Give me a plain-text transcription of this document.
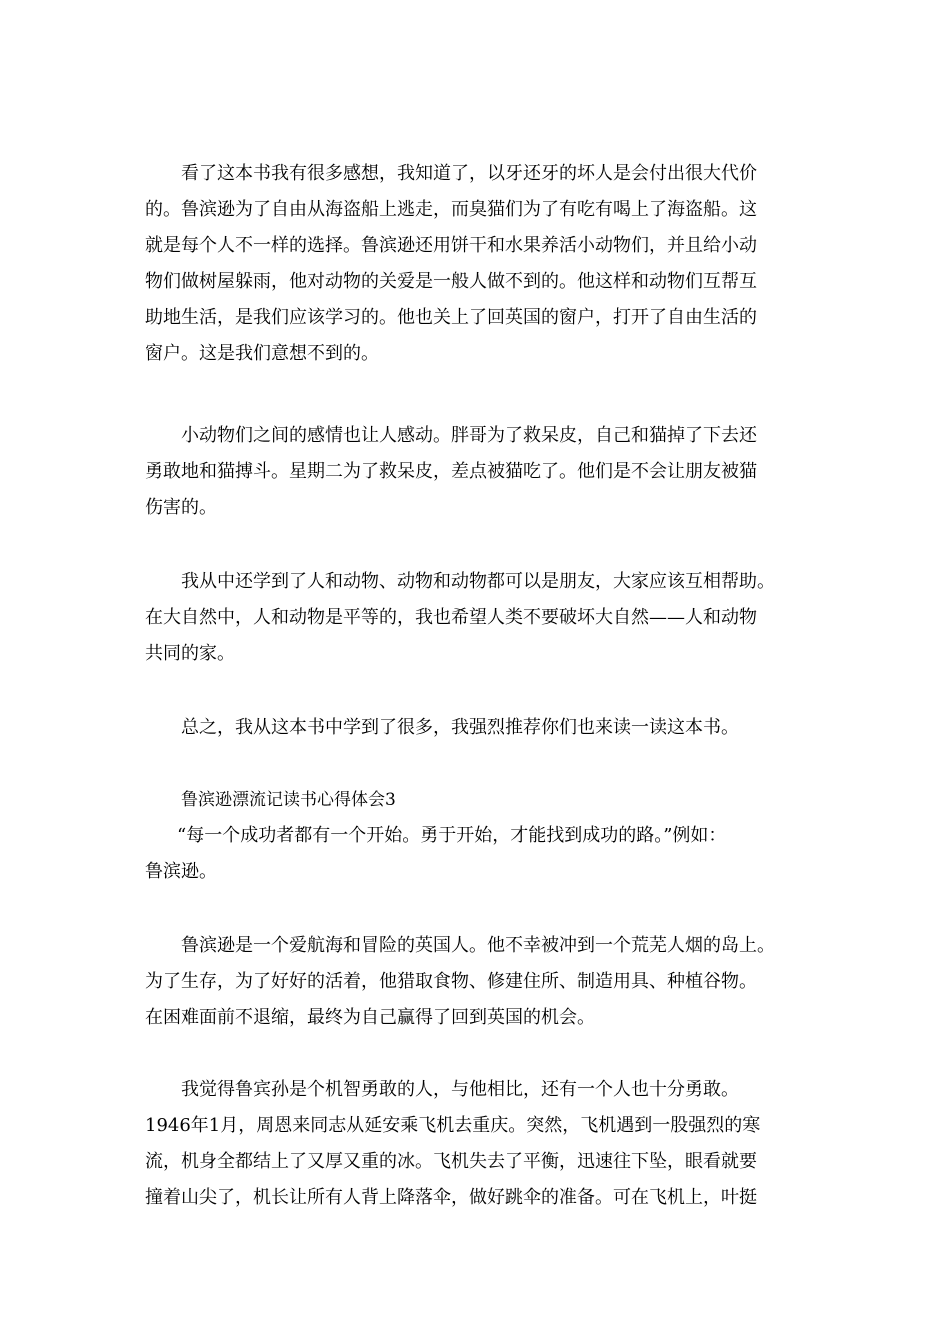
看了这本书我有很多感想，我知道了，以牙还牙的坏人是会付出很大代价
的。鲁滨逊为了自由从海盗船上逃走，而臭猫们为了有吃有喝上了海盗船。这
就是每个人不一样的选择。鲁滨逊还用饼干和水果养活小动物们，并且给小动
物们做树屋躲雨，他对动物的关爱是一般人做不到的。他这样和动物们互帮互
助地生活，是我们应该学习的。他也关上了回英国的窗户，打开了自由生活的
窗户。这是我们意想不到的。
小动物们之间的感情也让人感动。胖哥为了救呆皮，自己和猫掉了下去还
勇敢地和猫搏斗。星期二为了救呆皮，差点被猫吃了。他们是不会让朋友被猫
伤害的。
我从中还学到了人和动物、动物和动物都可以是朋友，大家应该互相帮助。
在大自然中，人和动物是平等的，我也希望人类不要破坏大自然——人和动物
共同的家。
总之，我从这本书中学到了很多，我强烈推荐你们也来读一读这本书。
鲁滨逊漂流记读书心得体会3
“每一个成功者都有一个开始。勇于开始，才能找到成功的路。”例如：
鲁滨逊。
鲁滨逊是一个爱航海和冒险的英国人。他不幸被冲到一个荒芜人烟的岛上。
为了生存，为了好好的活着，他猎取食物、修建住所、制造用具、种植谷物。
在困难面前不退缩，最终为自己赢得了回到英国的机会。
我觉得鲁宾孙是个机智勇敢的人，与他相比，还有一个人也十分勇敢。
1946年1月，周恩来同志从延安乘飞机去重庆。突然，飞机遇到一股强烈的寒
流，机身全都结上了又厚又重的冰。飞机失去了平衡，迅速往下坠，眼看就要
撞着山尖了，机长让所有人背上降落伞，做好跳伞的准备。可在飞机上，叶挺
